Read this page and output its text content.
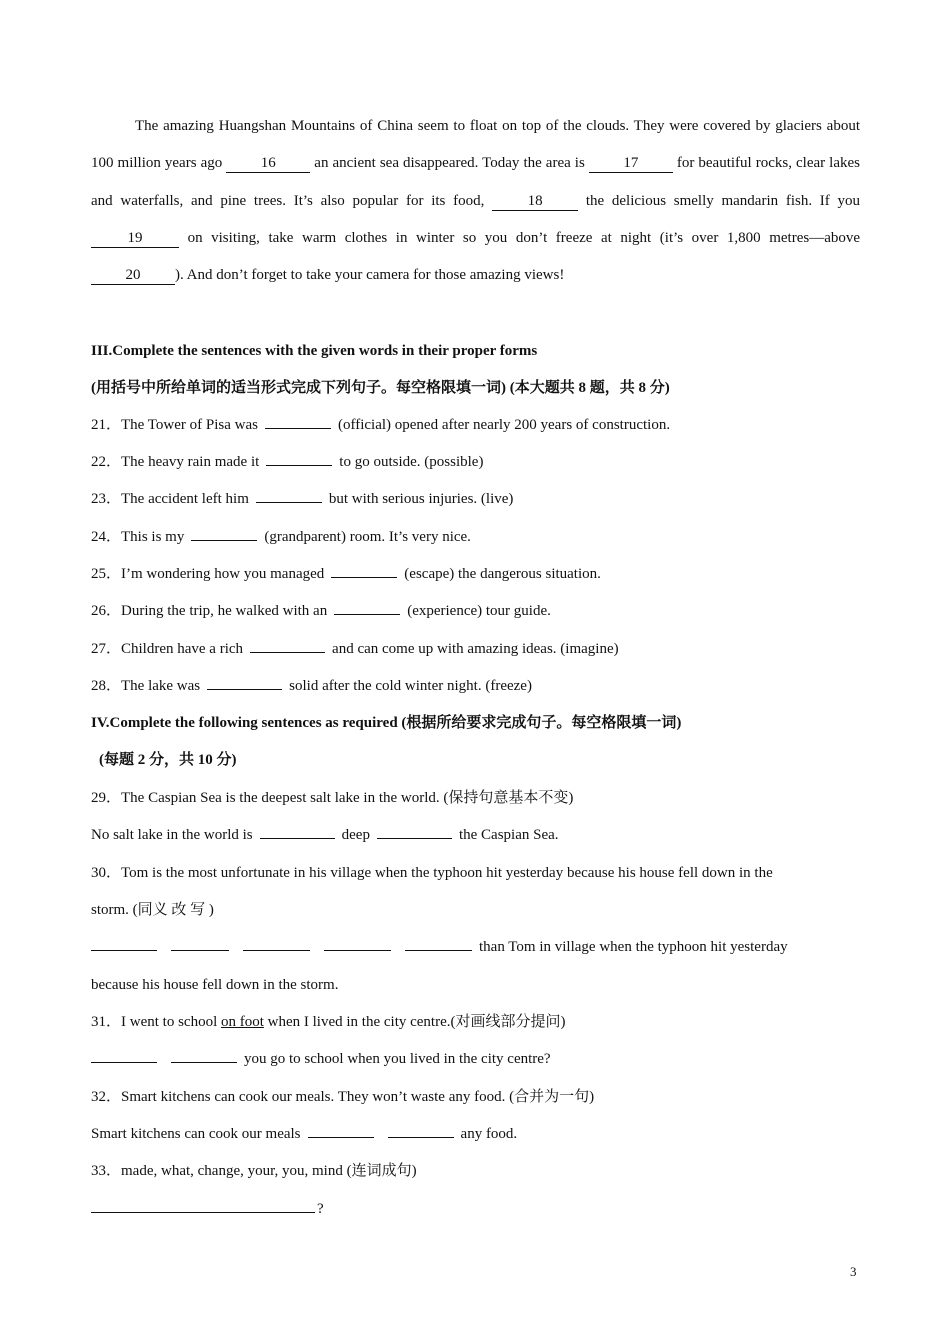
The amazing Huangshan Mountains of China seem to float on top of the clouds. They were covered by glaciers about 100 million years ago	16	an ancient sea disappeared. Today the area is	17	for beautiful rocks, clear lakes and waterfalls, and pine trees. It’s also popular for its food,	18	the delicious smelly mandarin fish. If you 19	on visiting, take warm clothes in winter so you don’t freeze at night (it’s over 1,800 metres—above 20 ). And don’t forget to take your camera for those amazing views!
III.Complete the sentences with the given words in their proper forms
(用括号中所给单词的适当形式完成下列句子。每空格限填一词) (本大题共 8 题，共 8 分)
21．The Tower of Pisa was	(official) opened after nearly 200 years of construction.
22．The heavy rain made it	to go outside. (possible)
23．The accident left him	but with serious injuries. (live)
24．This is my	(grandparent) room. It’s very nice.
25．I’m wondering how you managed	(escape) the dangerous situation.
26．During the trip, he walked with an	(experience) tour guide.
27．Children have a rich	and can come up with amazing ideas. (imagine)
28．The lake was	solid after the cold winter night. (freeze)
IV.Complete the following sentences as required (根据所给要求完成句子。每空格限填一词)
(每题 2 分，共 10 分)
29．The Caspian Sea is the deepest salt lake in the world. (保持句意基本不变)
No salt lake in the world is	deep	the Caspian Sea.
30．Tom is the most unfortunate in his village when the typhoon hit yesterday because his house fell down in the
storm. (同义 改 写 )
than Tom in village when the typhoon hit yesterday
because his house fell down in the storm.
31．I went to school on foot when I lived in the city centre.(对画线部分提问)
you go to school when you lived in the city centre?
32．Smart kitchens can cook our meals. They won’t waste any food. (合并为一句)
Smart kitchens can cook our meals	any food.
33．made, what, change, your, you, mind (连词成句)
?
3
